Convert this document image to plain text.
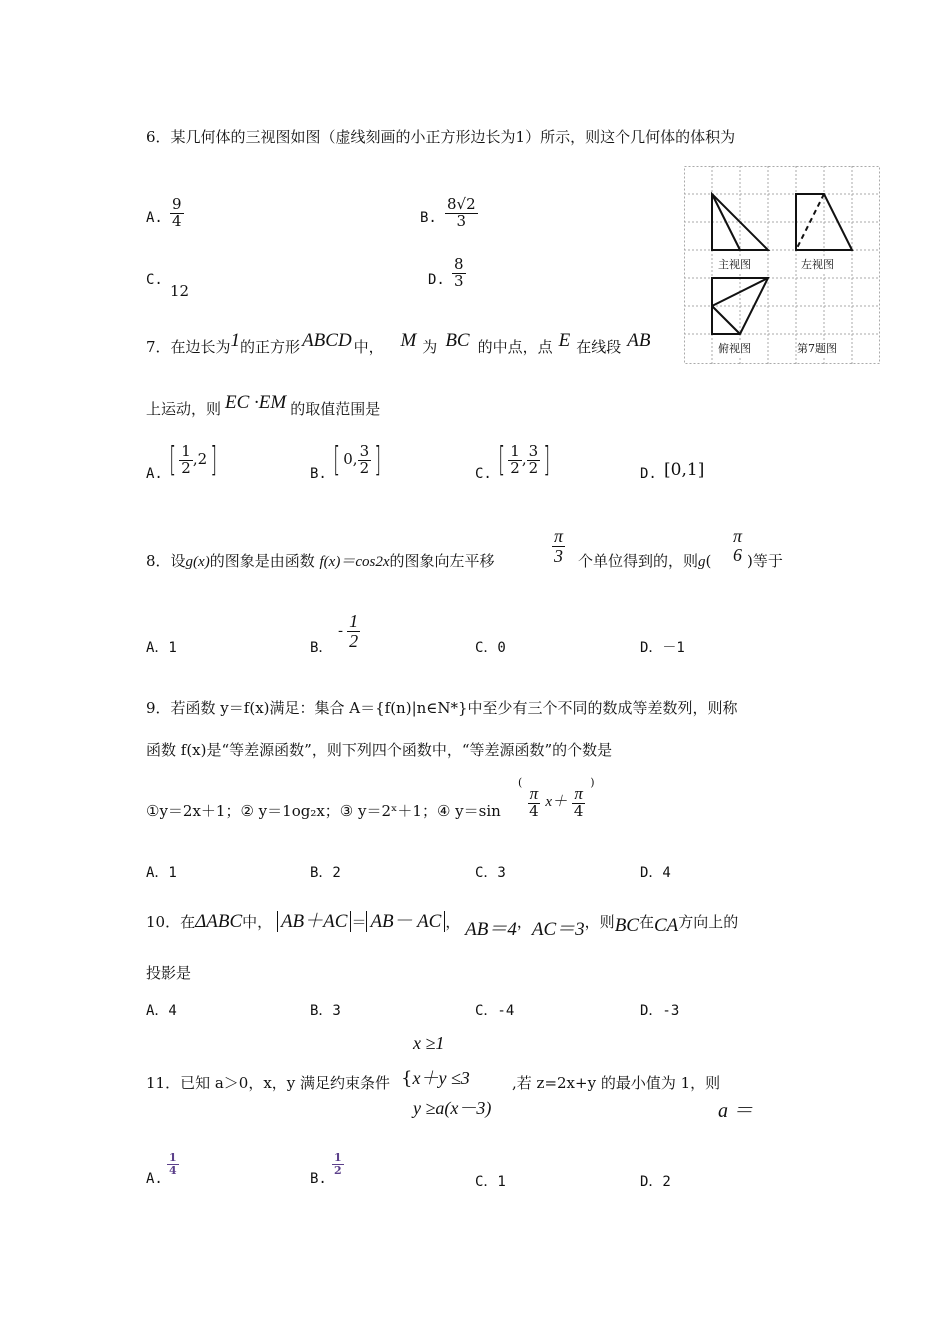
6．某几何体的三视图如图（虚线刻画的小正方形边长为1）所示，则这个几何体的体积为
A. $\frac{9}{4}$	B. $\frac{8√2}{3}$
C.
12
D. $\frac{8}{3}$	主视图	左视图
俯视图	第7题图
7．在边长为1的正方形 ABCD 中， M 为 BC 的中点，点 E 在线段 AB
上运动，则 EC ·EM 的取值范围是
A. [ $\frac{1}{2} ,2$]	B. [ 0, $\frac{3}{2}$ ]	C. [ $\frac{1}{2}$ , $\frac{3}{2}$ ]	D. [0,1]
8．设g(x)的图象是由函数 f(x)＝cos2x的图象向左平移	$\frac{\pi}{3}$ 个单位得到的，则g(
π
6 )等于
A．1	B．
- $\frac{1}{2}$	C．0	D．－1
9．若函数 y＝f(x)满足：集合 A＝{f(n)|n∈N*}中至少有三个不同的数成等差数列，则称
函数 f(x)是“等差源函数”，则下列四个函数中，“等差源函数”的个数是
①y＝2x＋1；② y＝1og₂x；③ y＝2ˣ＋1；④ y＝sin
(
$\frac{\pi}{4} x+ \frac{\pi}{4}$
)
A．1	B．2	C．3	D．4
10．在ΔABC中， AB＋AC ＝ AB－ AC ， AB＝4，AC＝3，则BC在CA方向上的
投影是
A．4	B．3	C．-4	D．-3
x ≥1
11．已知 a＞0，x，y 满足约束条件 {x＋y ≤3	,若 z=2x+y 的最小值为 1，则
y ≥a(x－3)	a ＝
A.
$\frac{1}{4}$
B.
$\frac{1}{2}$
C．1	D．2
